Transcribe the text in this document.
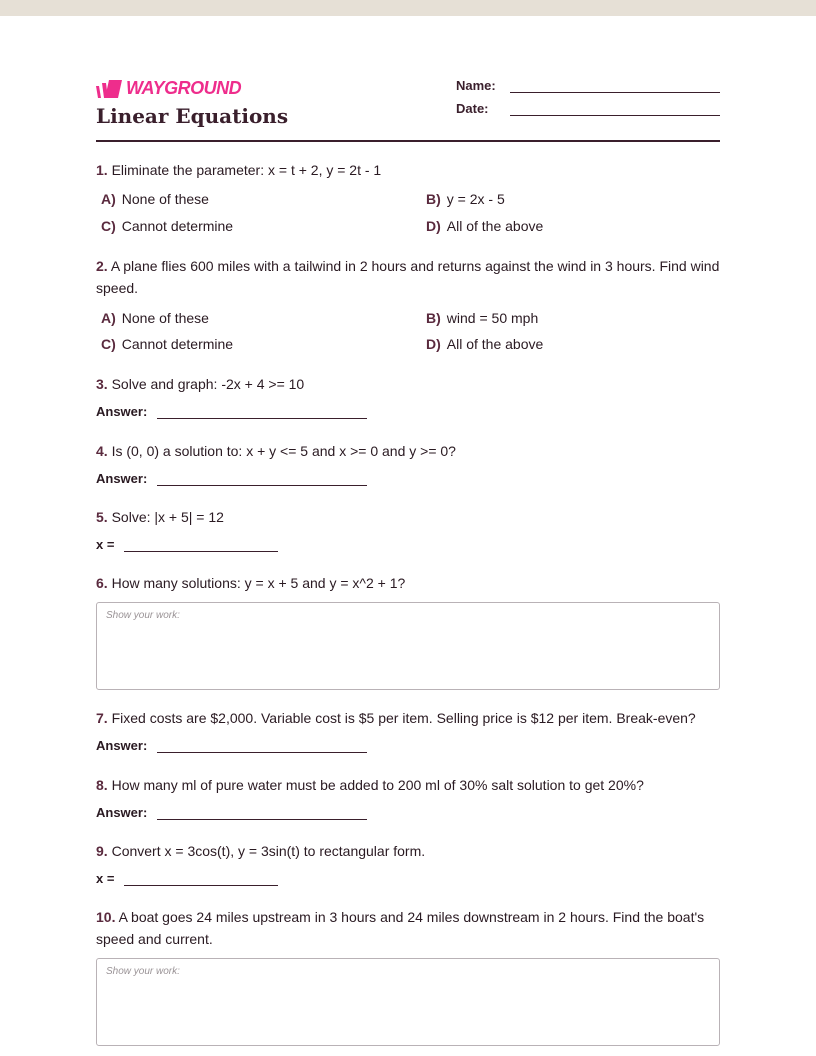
WAYGROUND
Linear Equations
Name:
Date:
1. Eliminate the parameter: x = t + 2, y = 2t - 1
A) None of these	B) y = 2x - 5
C) Cannot determine	D) All of the above
2. A plane flies 600 miles with a tailwind in 2 hours and returns against the wind in 3 hours. Find wind speed.
A) None of these	B) wind = 50 mph
C) Cannot determine	D) All of the above
3. Solve and graph: -2x + 4 >= 10
Answer:
4. Is (0, 0) a solution to: x + y <= 5 and x >= 0 and y >= 0?
Answer:
5. Solve: |x + 5| = 12
x =
6. How many solutions: y = x + 5 and y = x^2 + 1?
Show your work:
7. Fixed costs are $2,000. Variable cost is $5 per item. Selling price is $12 per item. Break-even?
Answer:
8. How many ml of pure water must be added to 200 ml of 30% salt solution to get 20%?
Answer:
9. Convert x = 3cos(t), y = 3sin(t) to rectangular form.
x =
10. A boat goes 24 miles upstream in 3 hours and 24 miles downstream in 2 hours. Find the boat's speed and current.
Show your work:
